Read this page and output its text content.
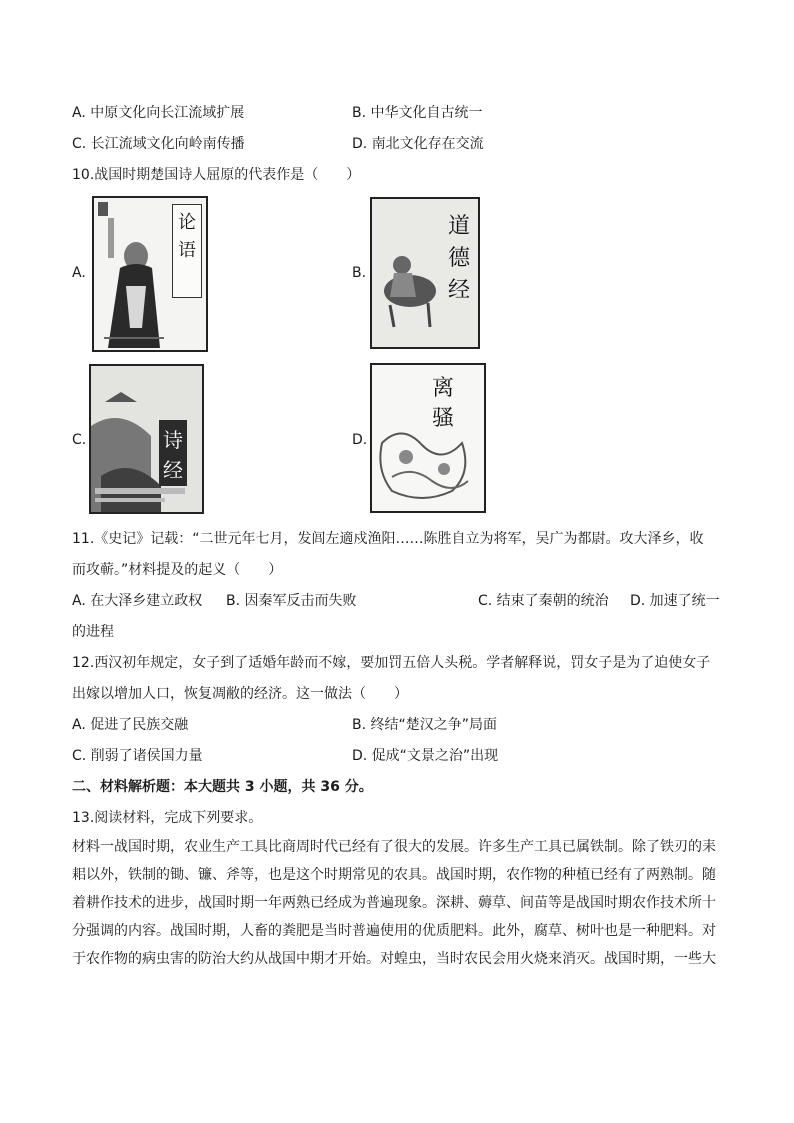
A. 中原文化向长江流域扩展	B. 中华文化自古统一
C. 长江流域文化向岭南传播	D. 南北文化存在交流
10.战国时期楚国诗人屈原的代表作是（　　）
A.
论
语
B.
道
德
经
C.	诗
经
D.
离
骚
11.《史记》记载：“二世元年七月，发闾左適戍渔阳……陈胜自立为将军，吴广为都尉。攻大泽乡，收
而攻蕲。”材料提及的起义（　　）
A. 在大泽乡建立政权 B. 因秦军反击而失败	C. 结束了秦朝的统治 D. 加速了统一
的进程
12.西汉初年规定，女子到了适婚年龄而不嫁，要加罚五倍人头税。学者解释说，罚女子是为了迫使女子
出嫁以增加人口，恢复凋敝的经济。这一做法（　　）
A. 促进了民族交融	B. 终结“楚汉之争”局面
C. 削弱了诸侯国力量	D. 促成“文景之治”出现
二、材料解析题：本大题共 3 小题，共 36 分。
13.阅读材料，完成下列要求。
材料一战国时期，农业生产工具比商周时代已经有了很大的发展。许多生产工具已属铁制。除了铁刃的耒
耜以外，铁制的锄、镰、斧等，也是这个时期常见的农具。战国时期，农作物的种植已经有了两熟制。随
着耕作技术的进步，战国时期一年两熟已经成为普遍现象。深耕、薅草、间苗等是战国时期农作技术所十
分强调的内容。战国时期，人畜的粪肥是当时普遍使用的优质肥料。此外，腐草、树叶也是一种肥料。对
于农作物的病虫害的防治大约从战国中期才开始。对蝗虫，当时农民会用火烧来消灭。战国时期，一些大
